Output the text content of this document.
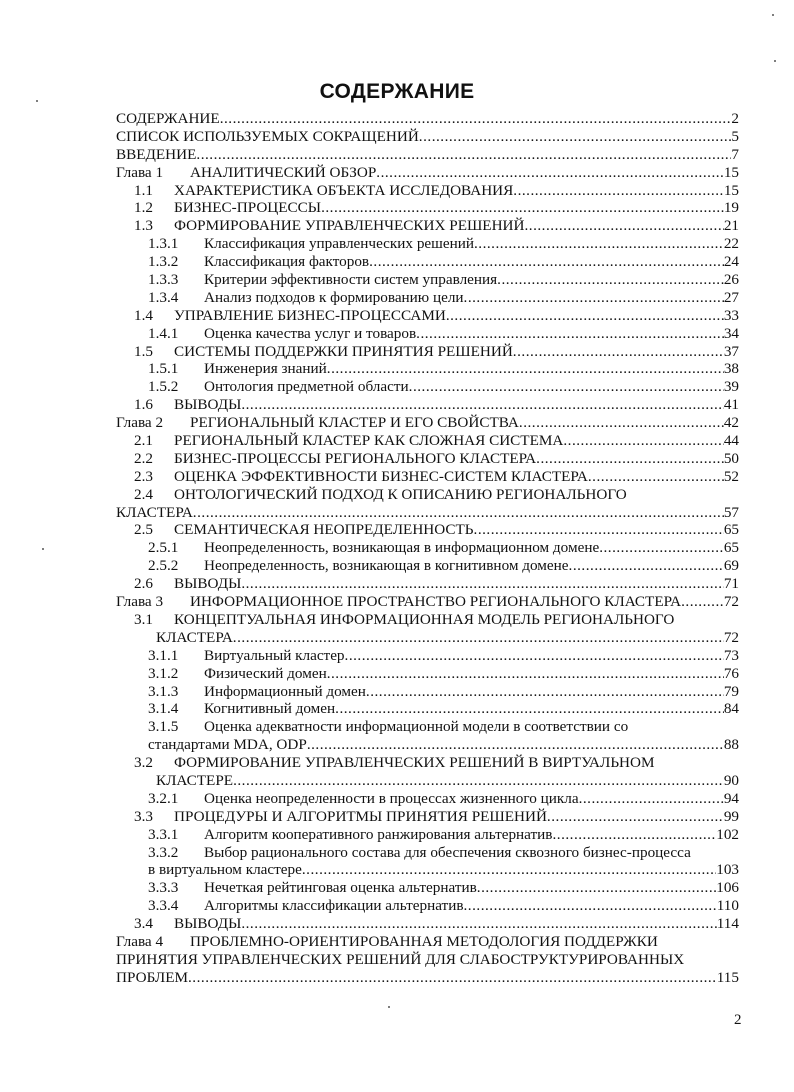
СОДЕРЖАНИЕ
СОДЕРЖАНИЕ .....	2
СПИСОК ИСПОЛЬЗУЕМЫХ СОКРАЩЕНИЙ .....	5
ВВЕДЕНИЕ .....	7
Глава 1	АНАЛИТИЧЕСКИЙ ОБЗОР .....	15
1.1	ХАРАКТЕРИСТИКА ОБЪЕКТА ИССЛЕДОВАНИЯ .....	15
1.2	БИЗНЕС-ПРОЦЕССЫ .....	19
1.3	ФОРМИРОВАНИЕ УПРАВЛЕНЧЕСКИХ РЕШЕНИЙ .....	21
1.3.1	Классификация управленческих решений .....	22
1.3.2	Классификация факторов .....	24
1.3.3	Критерии эффективности систем управления .....	26
1.3.4	Анализ подходов к формированию цели .....	27
1.4	УПРАВЛЕНИЕ БИЗНЕС-ПРОЦЕССАМИ .....	33
1.4.1	Оценка качества услуг и товаров .....	34
1.5	СИСТЕМЫ ПОДДЕРЖКИ ПРИНЯТИЯ РЕШЕНИЙ .....	37
1.5.1	Инженерия знаний .....	38
1.5.2	Онтология предметной области .....	39
1.6	ВЫВОДЫ .....	41
Глава 2	РЕГИОНАЛЬНЫЙ КЛАСТЕР И ЕГО СВОЙСТВА .....	42
2.1	РЕГИОНАЛЬНЫЙ КЛАСТЕР КАК СЛОЖНАЯ СИСТЕМА .....	44
2.2	БИЗНЕС-ПРОЦЕССЫ РЕГИОНАЛЬНОГО КЛАСТЕРА .....	50
2.3	ОЦЕНКА ЭФФЕКТИВНОСТИ БИЗНЕС-СИСТЕМ КЛАСТЕРА .....	52
2.4 ОНТОЛОГИЧЕСКИЙ ПОДХОД К ОПИСАНИЮ РЕГИОНАЛЬНОГО
КЛАСТЕРА .....	57
2.5	СЕМАНТИЧЕСКАЯ НЕОПРЕДЕЛЕННОСТЬ .....	65
2.5.1	Неопределенность, возникающая в информационном домене .....	65
2.5.2	Неопределенность, возникающая в когнитивном домене .....	69
2.6	ВЫВОДЫ .....	71
Глава 3	ИНФОРМАЦИОННОЕ ПРОСТРАНСТВО РЕГИОНАЛЬНОГО КЛАСТЕРА .....	72
3.1 КОНЦЕПТУАЛЬНАЯ ИНФОРМАЦИОННАЯ МОДЕЛЬ РЕГИОНАЛЬНОГО
КЛАСТЕРА .....	72
3.1.1	Виртуальный кластер .....	73
3.1.2	Физический домен .....	76
3.1.3	Информационный домен .....	79
3.1.4	Когнитивный домен .....	84
3.1.5 Оценка адекватности информационной модели в соответствии со
стандартами MDA, ODP .....	88
3.2 ФОРМИРОВАНИЕ УПРАВЛЕНЧЕСКИХ РЕШЕНИЙ В ВИРТУАЛЬНОМ
КЛАСТЕРЕ .....	90
3.2.1	Оценка неопределенности в процессах жизненного цикла .....	94
3.3	ПРОЦЕДУРЫ И АЛГОРИТМЫ ПРИНЯТИЯ РЕШЕНИЙ .....	99
3.3.1	Алгоритм кооперативного ранжирования альтернатив .....	102
3.3.2 Выбор рационального состава для обеспечения сквозного бизнес-процесса
в виртуальном кластере .....	103
3.3.3	Нечеткая рейтинговая оценка альтернатив .....	106
3.3.4	Алгоритмы классификации альтернатив .....	110
3.4	ВЫВОДЫ .....	114
Глава 4 ПРОБЛЕМНО-ОРИЕНТИРОВАННАЯ МЕТОДОЛОГИЯ ПОДДЕРЖКИ
ПРИНЯТИЯ УПРАВЛЕНЧЕСКИХ РЕШЕНИЙ ДЛЯ СЛАБОСТРУКТУРИРОВАННЫХ
ПРОБЛЕМ .....	115
2
